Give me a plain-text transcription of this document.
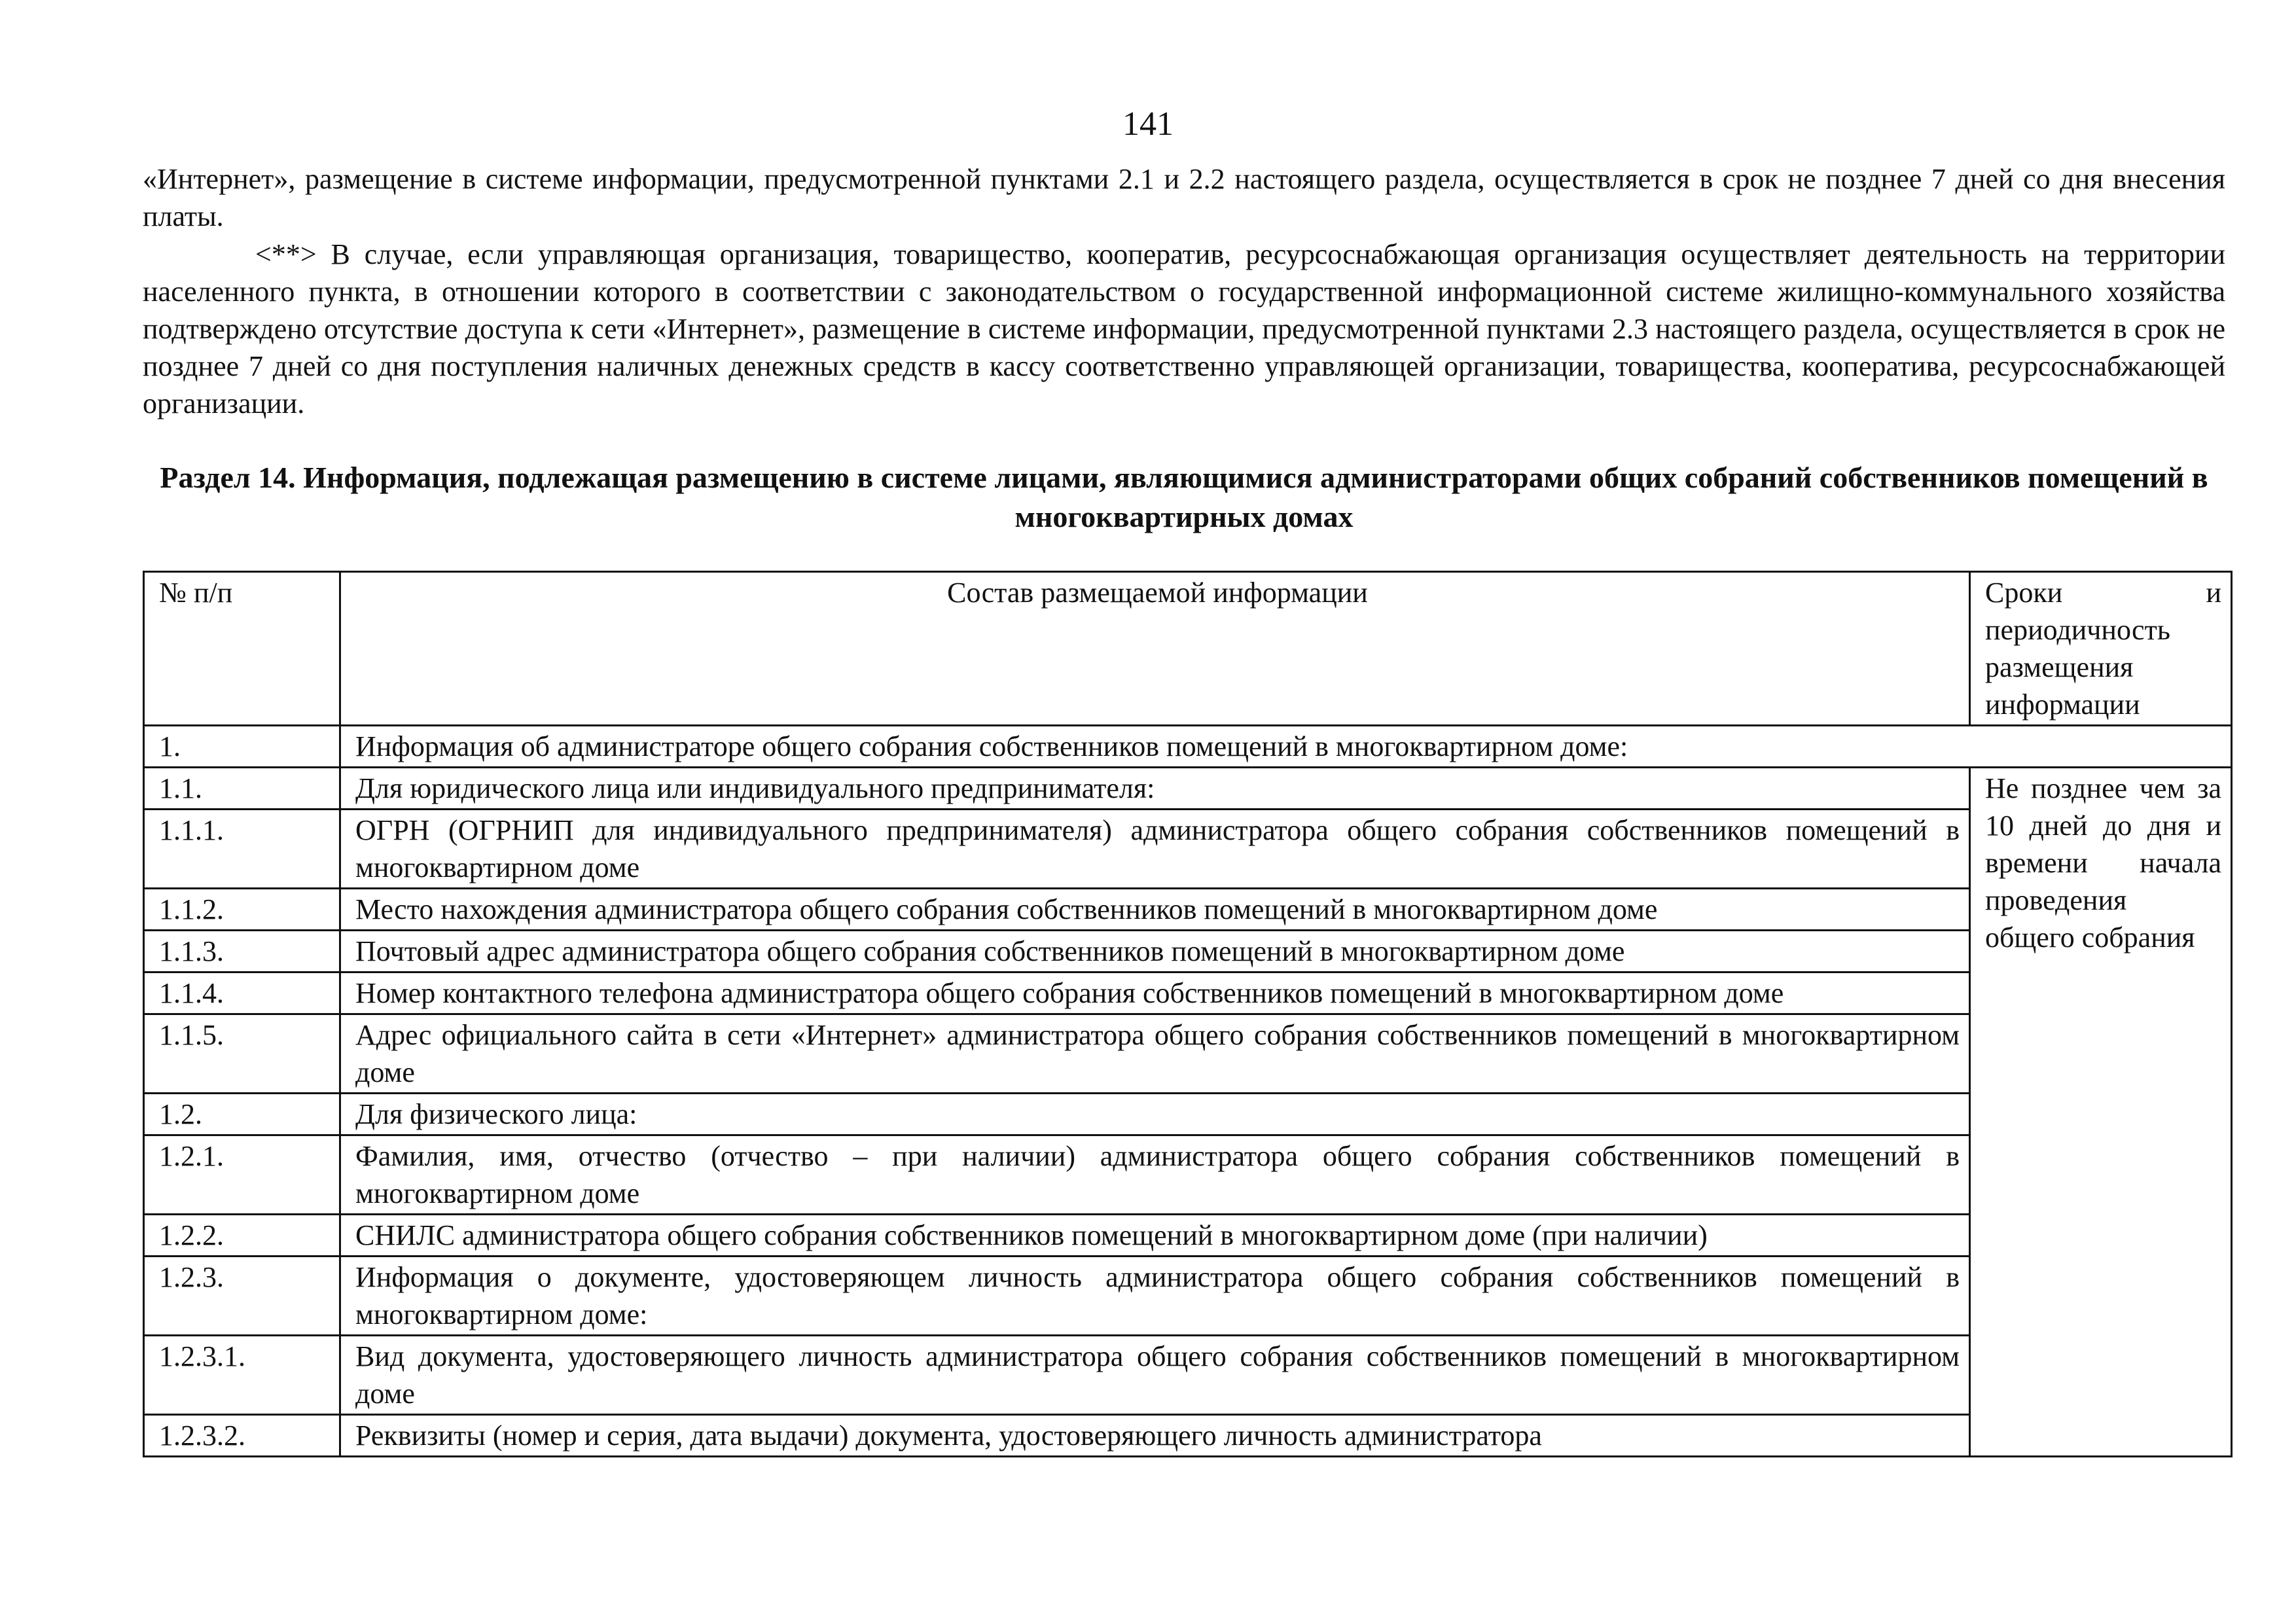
141
«Интернет», размещение в системе информации, предусмотренной пунктами 2.1 и 2.2 настоящего раздела, осуществляется в срок не позднее 7 дней со дня внесения платы.
<**> В случае, если управляющая организация, товарищество, кооператив, ресурсоснабжающая организация осуществляет деятельность на территории населенного пункта, в отношении которого в соответствии с законодательством о государственной информационной системе жилищно-коммунального хозяйства подтверждено отсутствие доступа к сети «Интернет», размещение в системе информации, предусмотренной пунктами 2.3 настоящего раздела, осуществляется в срок не позднее 7 дней со дня поступления наличных денежных средств в кассу соответственно управляющей организации, товарищества, кооператива, ресурсоснабжающей организации.
Раздел 14. Информация, подлежащая размещению в системе лицами, являющимися администраторами общих собраний собственников помещений в многоквартирных домах
№ п/п	Состав размещаемой информации	Сроки и периодичность размещения информации
1.	Информация об администраторе общего собрания собственников помещений в многоквартирном доме:	
1.1.	Для юридического лица или индивидуального предпринимателя:	Не позднее чем за 10 дней до дня и времени начала проведения общего собрания
1.1.1.	ОГРН (ОГРНИП для индивидуального предпринимателя) администратора общего собрания собственников помещений в многоквартирном доме	
1.1.2.	Место нахождения администратора общего собрания собственников помещений в многоквартирном доме	
1.1.3.	Почтовый адрес администратора общего собрания собственников помещений в многоквартирном доме	
1.1.4.	Номер контактного телефона администратора общего собрания собственников помещений в многоквартирном доме	
1.1.5.	Адрес официального сайта в сети «Интернет» администратора общего собрания собственников помещений в многоквартирном доме	
1.2.	Для физического лица:	
1.2.1.	Фамилия, имя, отчество (отчество – при наличии) администратора общего собрания собственников помещений в многоквартирном доме	
1.2.2.	СНИЛС администратора общего собрания собственников помещений в многоквартирном доме (при наличии)	
1.2.3.	Информация о документе, удостоверяющем личность администратора общего собрания собственников помещений в многоквартирном доме:	
1.2.3.1.	Вид документа, удостоверяющего личность администратора общего собрания собственников помещений в многоквартирном доме	
1.2.3.2.	Реквизиты (номер и серия, дата выдачи) документа, удостоверяющего личность администратора	
